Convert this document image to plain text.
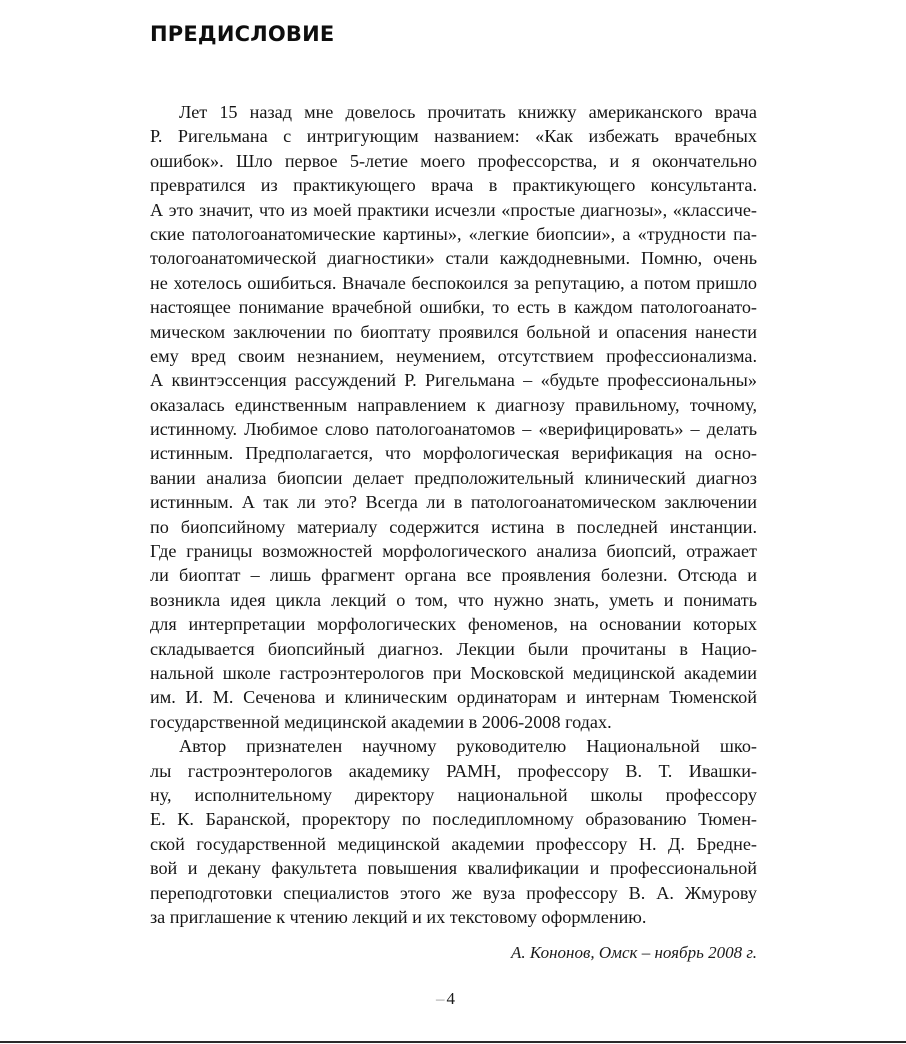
ПРЕДИСЛОВИЕ
Лет 15 назад мне довелось прочитать книжку американского врача
Р. Ригельмана с интригующим названием: «Как избежать врачебных
ошибок». Шло первое 5-летие моего профессорства, и я окончательно
превратился из практикующего врача в практикующего консультанта.
А это значит, что из моей практики исчезли «простые диагнозы», «классиче-
ские патологоанатомические картины», «легкие биопсии», а «трудности па-
тологоанатомической диагностики» стали каждодневными. Помню, очень
не хотелось ошибиться. Вначале беспокоился за репутацию, а потом пришло
настоящее понимание врачебной ошибки, то есть в каждом патологоанато-
мическом заключении по биоптату проявился больной и опасения нанести
ему вред своим незнанием, неумением, отсутствием профессионализма.
А квинтэссенция рассуждений Р. Ригельмана – «будьте профессиональны»
оказалась единственным направлением к диагнозу правильному, точному,
истинному. Любимое слово патологоанатомов – «верифицировать» – делать
истинным. Предполагается, что морфологическая верификация на осно-
вании анализа биопсии делает предположительный клинический диагноз
истинным. А так ли это? Всегда ли в патологоанатомическом заключении
по биопсийному материалу содержится истина в последней инстанции.
Где границы возможностей морфологического анализа биопсий, отражает
ли биоптат – лишь фрагмент органа все проявления болезни. Отсюда и
возникла идея цикла лекций о том, что нужно знать, уметь и понимать
для интерпретации морфологических феноменов, на основании которых
складывается биопсийный диагноз. Лекции были прочитаны в Нацио-
нальной школе гастроэнтерологов при Московской медицинской академии
им. И. М. Сеченова и клиническим ординаторам и интернам Тюменской
государственной медицинской академии в 2006-2008 годах.
Автор признателен научному руководителю Национальной шко-
лы гастроэнтерологов академику РАМН, профессору В. Т. Ивашки-
ну, исполнительному директору национальной школы профессору
Е. К. Баранской, проректору по последипломному образованию Тюмен-
ской государственной медицинской академии профессору Н. Д. Бредне-
вой и декану факультета повышения квалификации и профессиональной
переподготовки специалистов этого же вуза профессору В. А. Жмурову
за приглашение к чтению лекций и их текстовому оформлению.
А. Кононов, Омск – ноябрь 2008 г.
– 4
